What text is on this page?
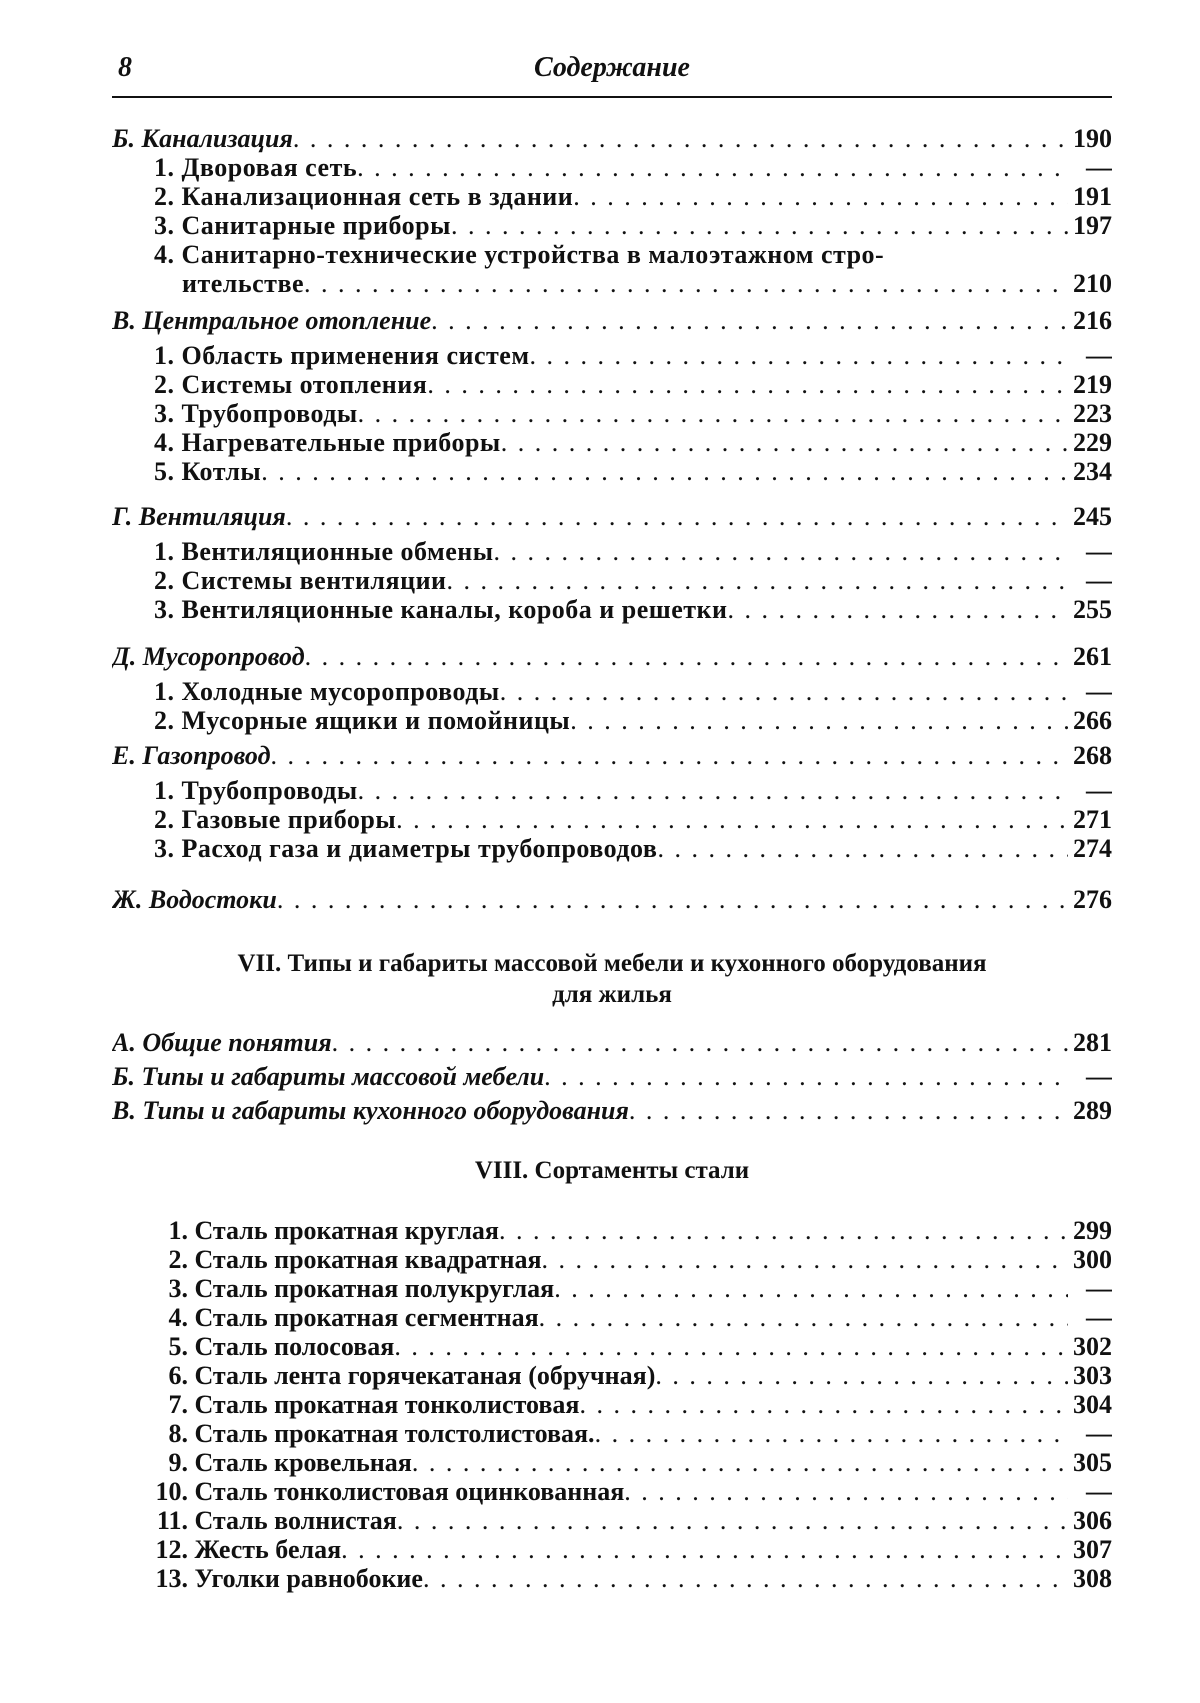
8	Содержание
Б. Канализация . .	190
1. Дворовая сеть . .	—
2. Канализационная сеть в здании . .	191
3. Санитарные приборы . .	197
4. Санитарно-технические устройства в малоэтажном стро-
ительстве . .	210
В. Центральное отопление . .	216
1. Область применения систем . .	—
2. Системы отопления . .	219
3. Трубопроводы . .	223
4. Нагревательные приборы . .	229
5. Котлы . .	234
Г. Вентиляция . .	245
1. Вентиляционные обмены . .	—
2. Системы вентиляции . .	—
3. Вентиляционные каналы, короба и решетки . .	255
Д. Мусоропровод . .	261
1. Холодные мусоропроводы . .	—
2. Мусорные ящики и помойницы . .	266
Е. Газопровод . .	268
1. Трубопроводы . .	—
2. Газовые приборы . .	271
3. Расход газа и диаметры трубопроводов . .	274
Ж. Водостоки . .	276
VII. Типы и габариты массовой мебели и кухонного оборудования
для жилья
А. Общие понятия . .	281
Б. Типы и габариты массовой мебели . .	—
В. Типы и габариты кухонного оборудования . .	289
VIII. Сортаменты стали
1. Сталь прокатная круглая . .	299
2. Сталь прокатная квадратная . .	300
3. Сталь прокатная полукруглая . .	—
4. Сталь прокатная сегментная . .	—
5. Сталь полосовая . .	302
6. Сталь лента горячекатаная (обручная) . .	303
7. Сталь прокатная тонколистовая . .	304
8. Сталь прокатная толстолистовая. . .	—
9. Сталь кровельная . .	305
10. Сталь тонколистовая оцинкованная . .	—
11. Сталь волнистая . .	306
12. Жесть белая . .	307
13. Уголки равнобокие . .	308
